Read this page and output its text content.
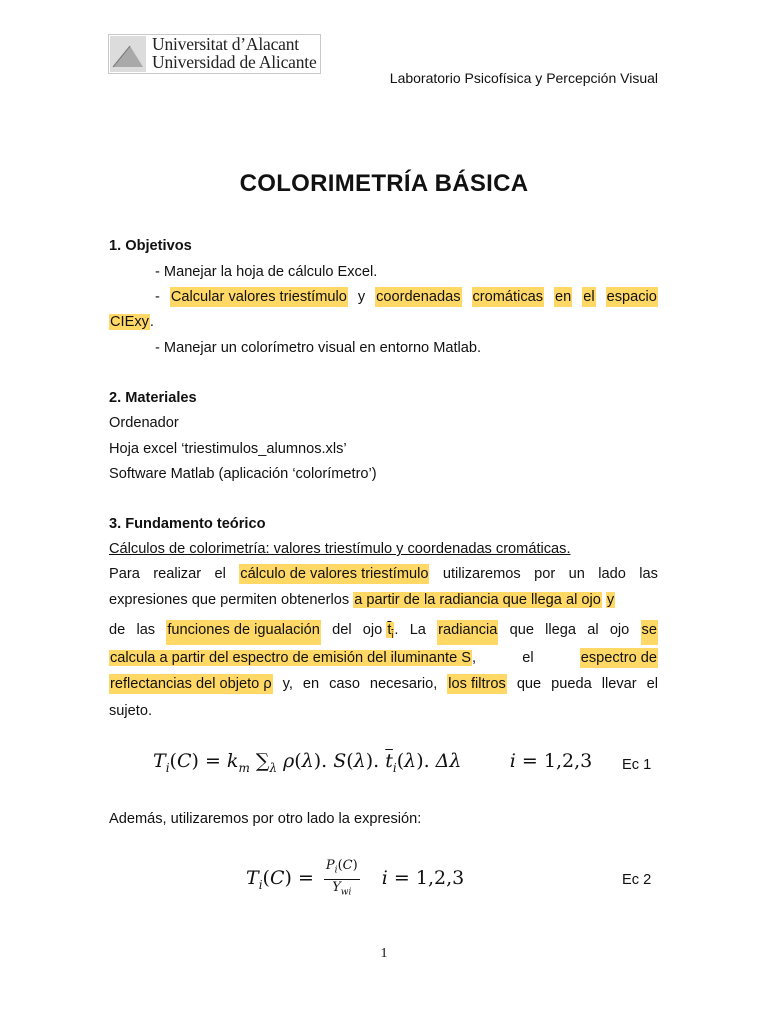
Universitat d’Alacant
Universidad de Alicante
Laboratorio Psicofísica y Percepción Visual
COLORIMETRÍA BÁSICA
1. Objetivos
- Manejar la hoja de cálculo Excel.
- Calcular valores triestímulo y coordenadas cromáticas en el espacio
CIExy.
- Manejar un colorímetro visual en entorno Matlab.
2. Materiales
Ordenador
Hoja excel ‘triestimulos_alumnos.xls’
Software Matlab (aplicación ‘colorímetro’)
3. Fundamento teórico
Cálculos de colorimetría: valores triestímulo y coordenadas cromáticas.
Para realizar el cálculo de valores triestímulo utilizaremos por un lado las
expresiones que permiten obtenerlos a partir de la radiancia que llega al ojo y
de las funciones de igualación del ojo $t_i$. La radiancia que llega al ojo se
calcula a partir del espectro de emisión del iluminante S,	el	espectro de
reflectancias del objeto ρ y, en caso necesario, los filtros que pueda llevar el
sujeto.
$T_i(C) = k_m$ $\sum_\lambda$ ρ(λ). S(λ). $\overline{t}_i(\lambda)$. Δλ        i = 1,2,3 Ec 1
Además, utilizaremos por otro lado la expresión:
$T_i(C) = \frac{P_i(C)}{Y_{wi}}$ i = 1,2,3	Ec 2
1
